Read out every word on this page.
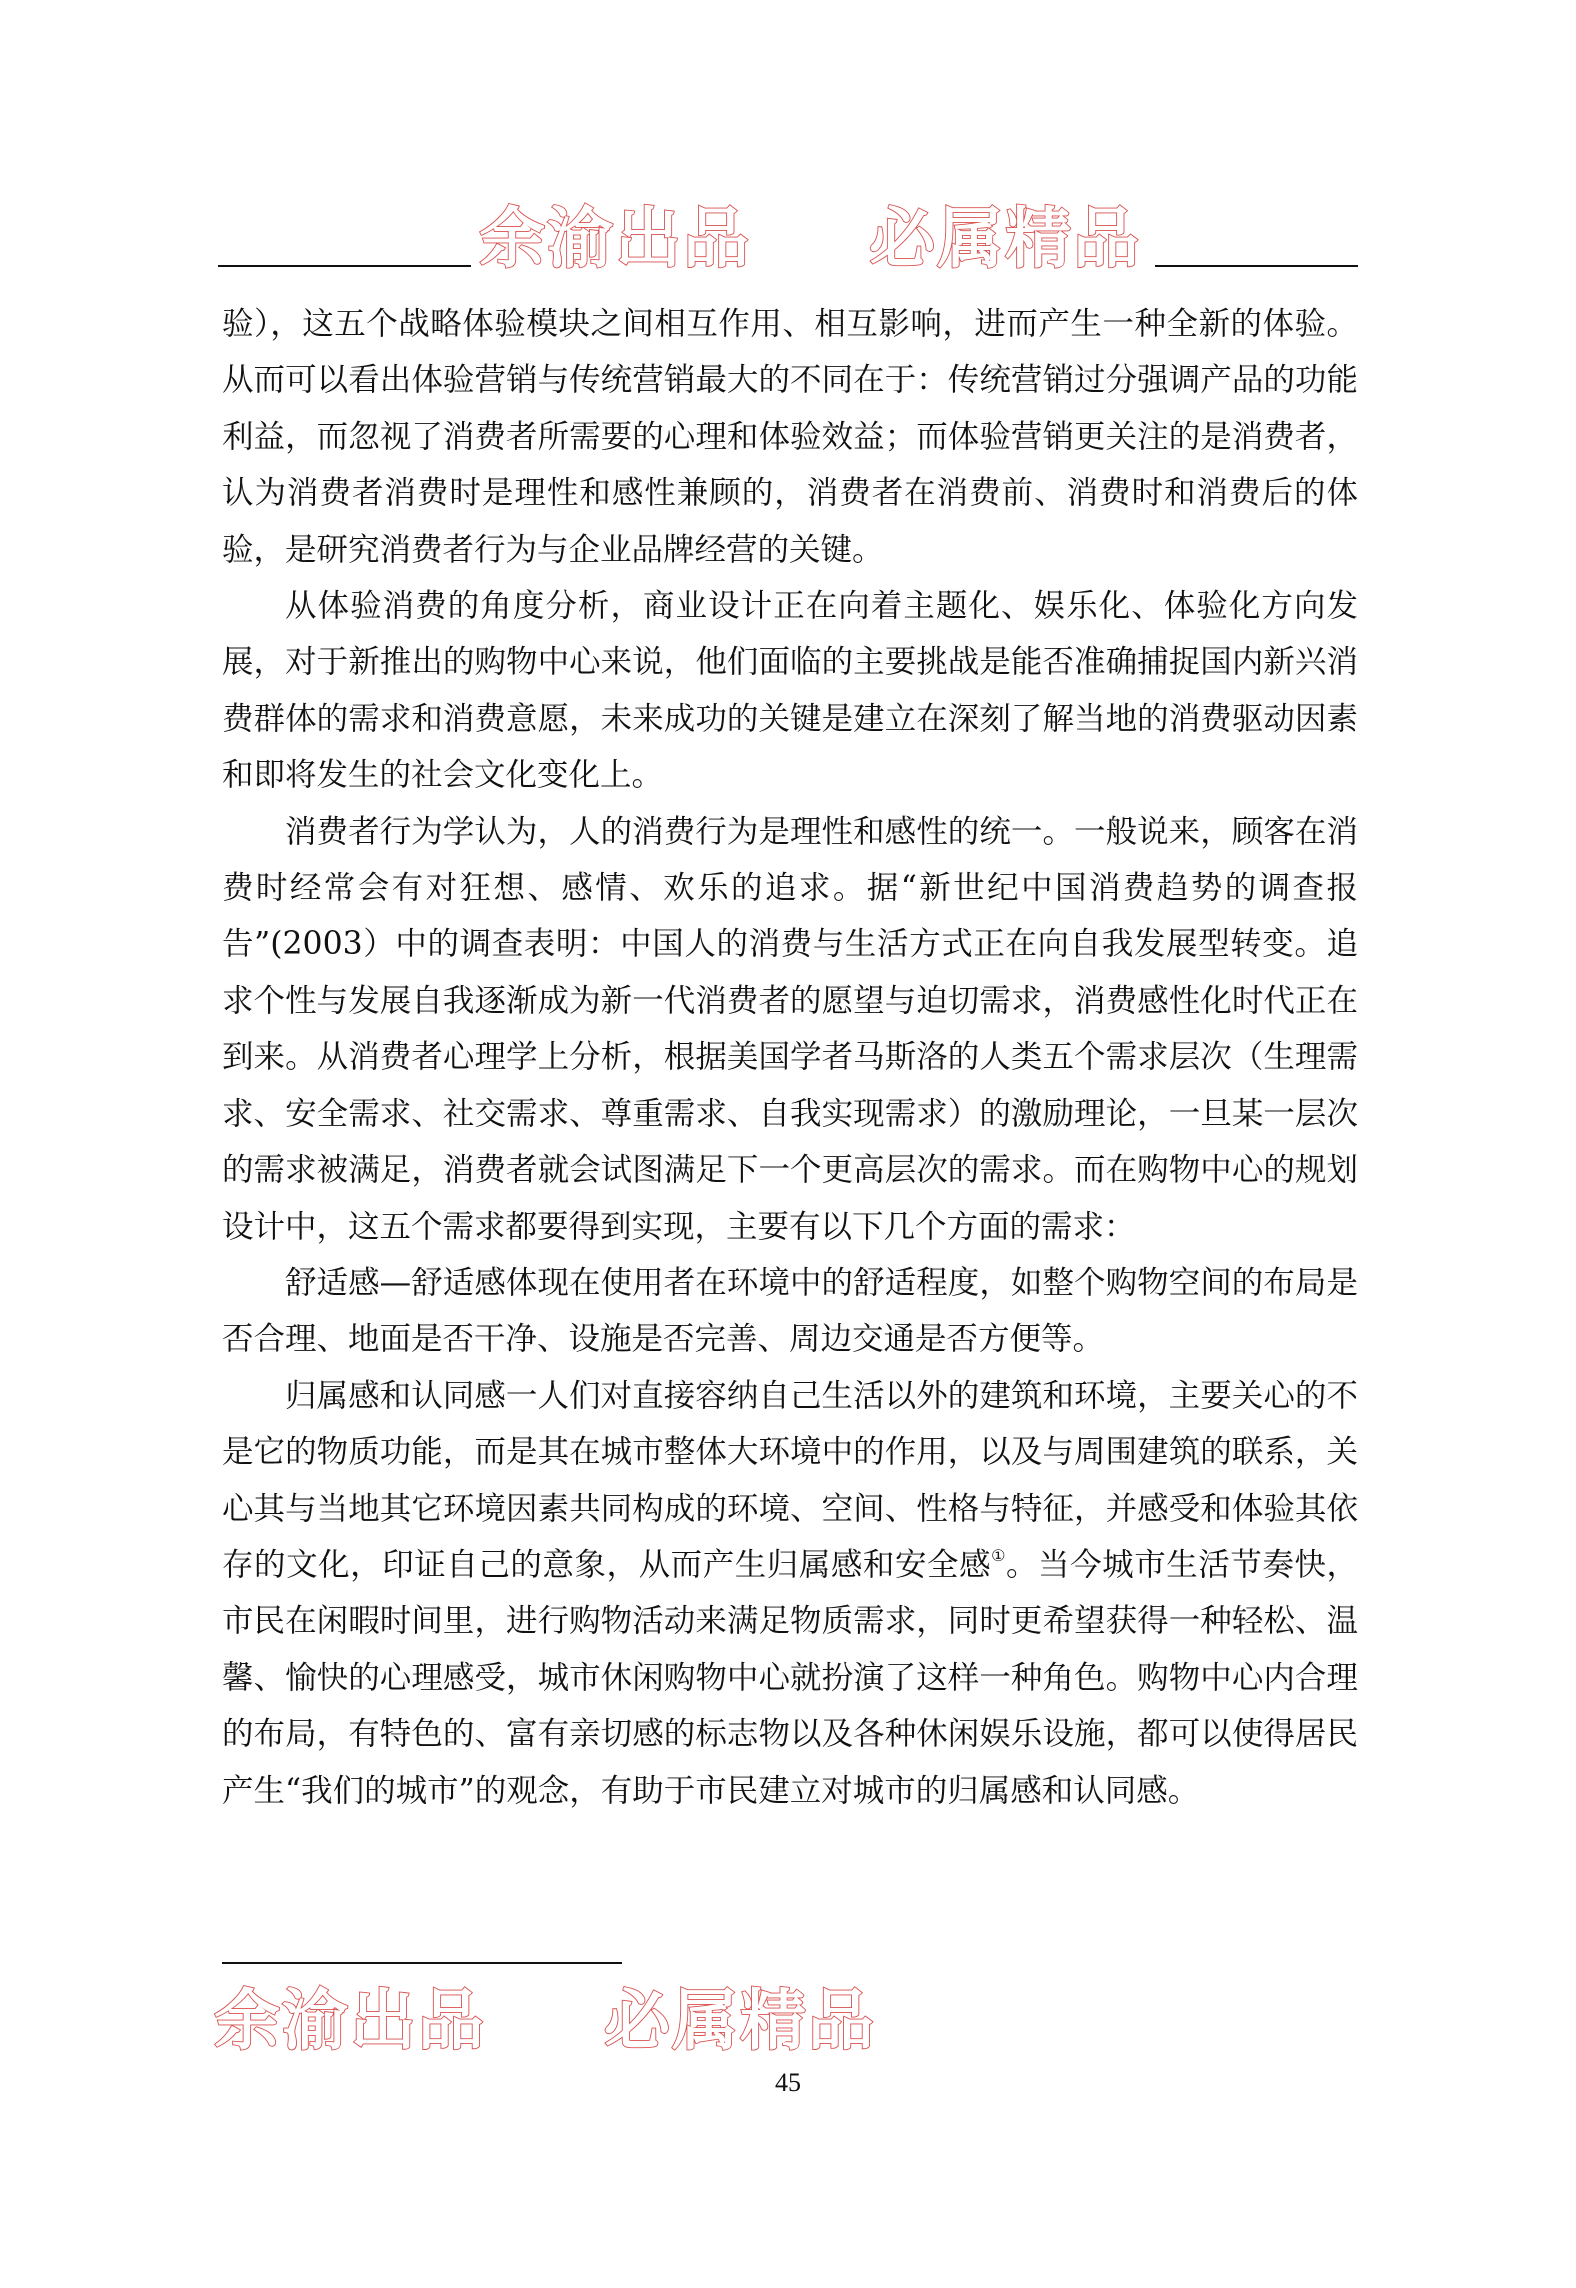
余渝出品 必属精品

验），这五个战略体验模块之间相互作用、相互影响，进而产生一种全新的体验。从而可以看出体验营销与传统营销最大的不同在于：传统营销过分强调产品的功能利益，而忽视了消费者所需要的心理和体验效益；而体验营销更关注的是消费者，认为消费者消费时是理性和感性兼顾的，消费者在消费前、消费时和消费后的体验，是研究消费者行为与企业品牌经营的关键。

从体验消费的角度分析，商业设计正在向着主题化、娱乐化、体验化方向发展，对于新推出的购物中心来说，他们面临的主要挑战是能否准确捕捉国内新兴消费群体的需求和消费意愿，未来成功的关键是建立在深刻了解当地的消费驱动因素和即将发生的社会文化变化上。

消费者行为学认为，人的消费行为是理性和感性的统一。一般说来，顾客在消费时经常会有对狂想、感情、欢乐的追求。据“新世纪中国消费趋势的调查报告”(2003）中的调查表明：中国人的消费与生活方式正在向自我发展型转变。追求个性与发展自我逐渐成为新一代消费者的愿望与迫切需求，消费感性化时代正在到来。从消费者心理学上分析，根据美国学者马斯洛的人类五个需求层次（生理需求、安全需求、社交需求、尊重需求、自我实现需求）的激励理论，一旦某一层次的需求被满足，消费者就会试图满足下一个更高层次的需求。而在购物中心的规划设计中，这五个需求都要得到实现，主要有以下几个方面的需求：

舒适感—舒适感体现在使用者在环境中的舒适程度，如整个购物空间的布局是否合理、地面是否干净、设施是否完善、周边交通是否方便等。

归属感和认同感一人们对直接容纳自己生活以外的建筑和环境，主要关心的不是它的物质功能，而是其在城市整体大环境中的作用，以及与周围建筑的联系，关心其与当地其它环境因素共同构成的环境、空间、性格与特征，并感受和体验其依存的文化，印证自己的意象，从而产生归属感和安全感①。当今城市生活节奏快，市民在闲暇时间里，进行购物活动来满足物质需求，同时更希望获得一种轻松、温馨、愉快的心理感受，城市休闲购物中心就扮演了这样一种角色。购物中心内合理的布局，有特色的、富有亲切感的标志物以及各种休闲娱乐设施，都可以使得居民产生“我们的城市”的观念，有助于市民建立对城市的归属感和认同感。

余渝出品 必属精品
45
